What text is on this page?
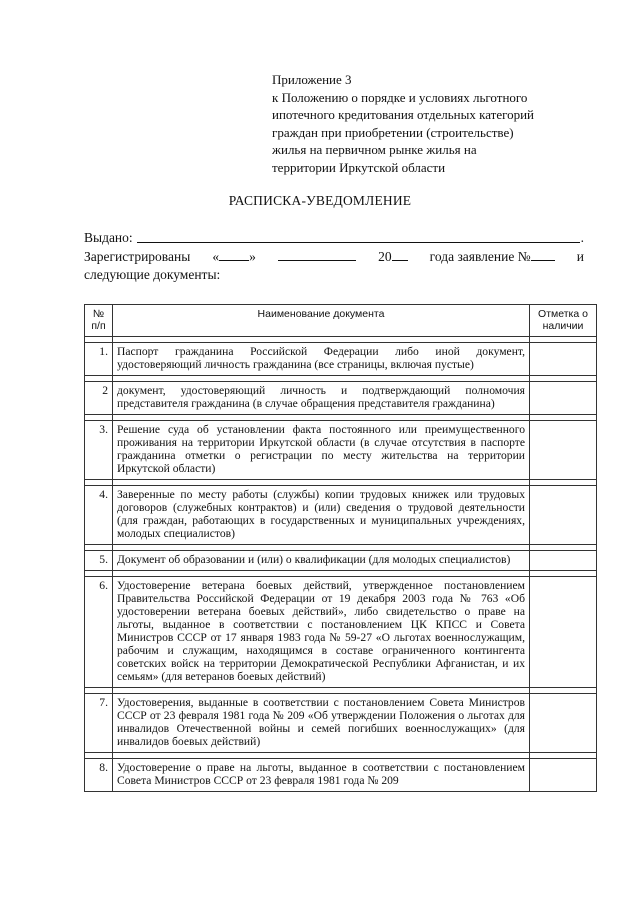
Приложение 3
к Положению о порядке и условиях льготного
ипотечного кредитования отдельных категорий
граждан при приобретении (строительстве)
жилья на первичном рынке жилья на
территории Иркутской области
РАСПИСКА-УВЕДОМЛЕНИЕ
Выдано:	.
Зарегистрированы « »	20	года заявление №	и
следующие документы:
№ п/п	Наименование документа	Отметка о наличии

1.	Паспорт гражданина Российской Федерации либо иной документ, удостоверяющий личность гражданина (все страницы, включая пустые)	

2	документ, удостоверяющий личность и подтверждающий полномочия представителя гражданина (в случае обращения представителя гражданина)	

3.	Решение суда об установлении факта постоянного или преимущественного проживания на территории Иркутской области (в случае отсутствия в паспорте гражданина отметки о регистрации по месту жительства на территории Иркутской области)	

4.	Заверенные по месту работы (службы) копии трудовых книжек или трудовых договоров (служебных контрактов) и (или) сведения о трудовой деятельности (для граждан, работающих в государственных и муниципальных учреждениях, молодых специалистов)	

5.	Документ об образовании и (или) о квалификации (для молодых специалистов)	

6.	Удостоверение ветерана боевых действий, утвержденное постановлением Правительства Российской Федерации от 19 декабря 2003 года № 763 «Об удостоверении ветерана боевых действий», либо свидетельство о праве на льготы, выданное в соответствии с постановлением ЦК КПСС и Совета Министров СССР от 17 января 1983 года № 59-27 «О льготах военнослужащим, рабочим и служащим, находящимся в составе ограниченного контингента советских войск на территории Демократической Республики Афганистан, и их семьям» (для ветеранов боевых действий)	

7.	Удостоверения, выданные в соответствии с постановлением Совета Министров СССР от 23 февраля 1981 года № 209 «Об утверждении Положения о льготах для инвалидов Отечественной войны и семей погибших военнослужащих» (для инвалидов боевых действий)	

8.	Удостоверение о праве на льготы, выданное в соответствии с постановлением Совета Министров СССР от 23 февраля 1981 года № 209	
